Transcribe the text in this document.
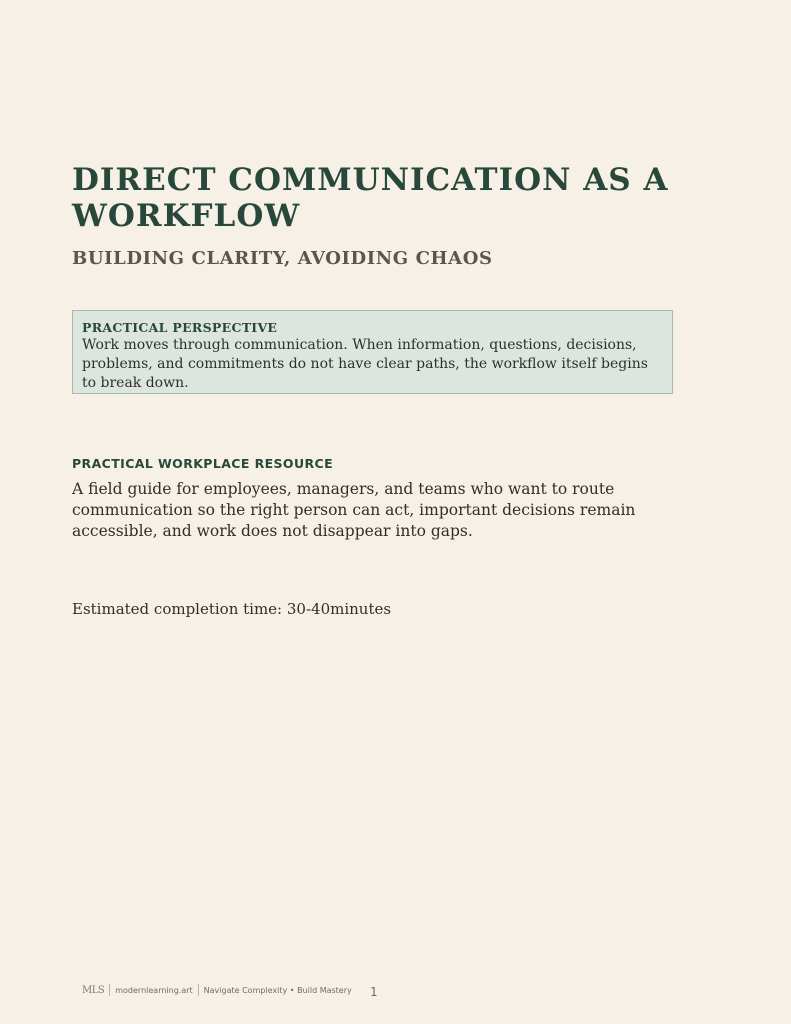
DIRECT COMMUNICATION AS A WORKFLOW
BUILDING CLARITY, AVOIDING CHAOS
PRACTICAL PERSPECTIVE
Work moves through communication. When information, questions, decisions, problems, and commitments do not have clear paths, the workflow itself begins to break down.
PRACTICAL WORKPLACE RESOURCE

A field guide for employees, managers, and teams who want to route communication so the right person can act, important decisions remain accessible, and work does not disappear into gaps.

Estimated completion time: 30-40minutes

MLS modernlearning.art Navigate Complexity • Build Mastery 1
